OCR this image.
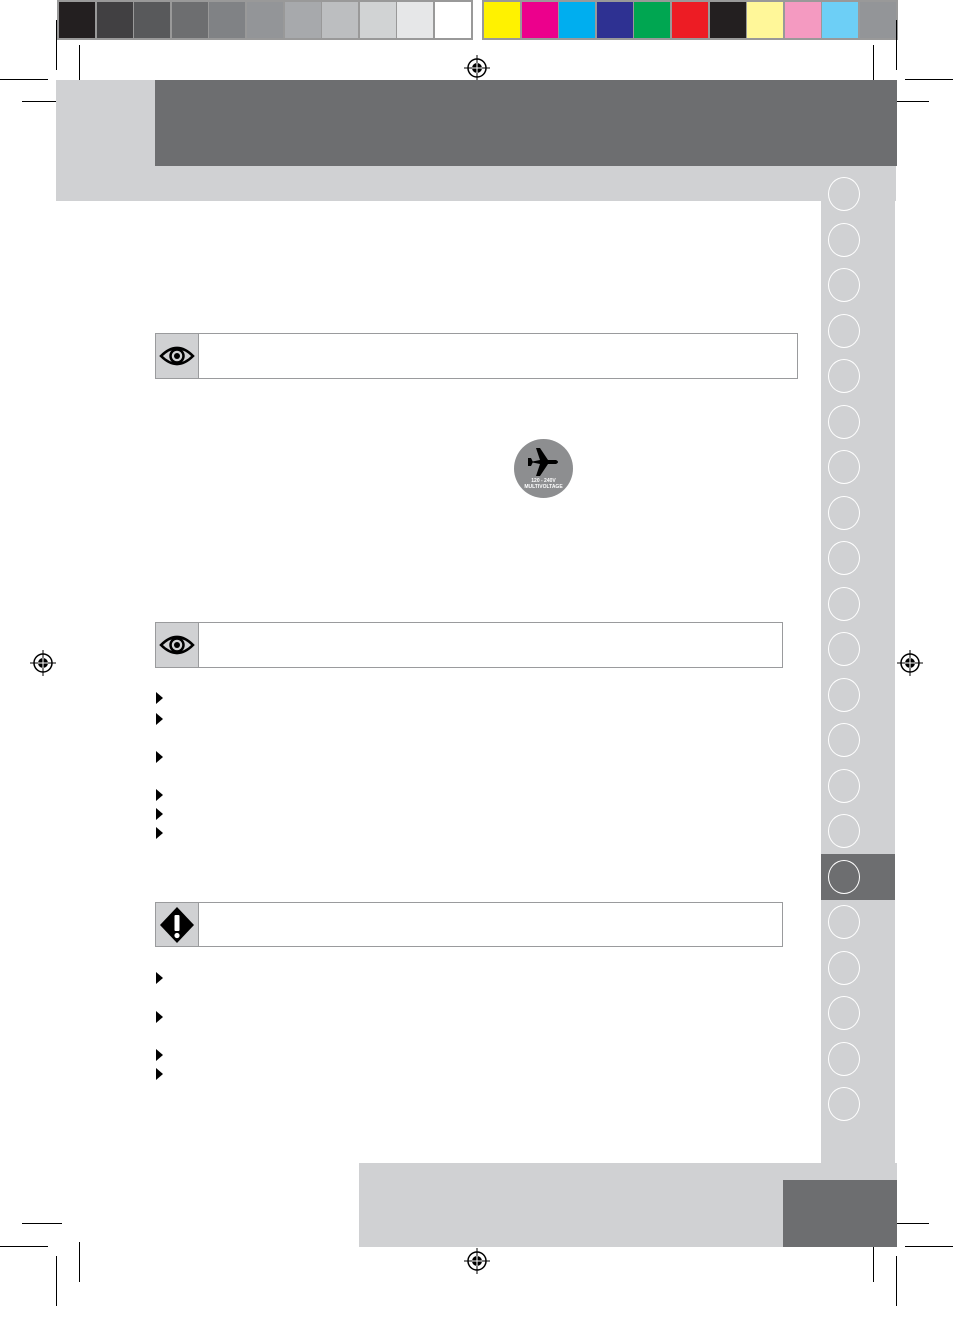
120 - 240V
MULTIVOLTAGE
